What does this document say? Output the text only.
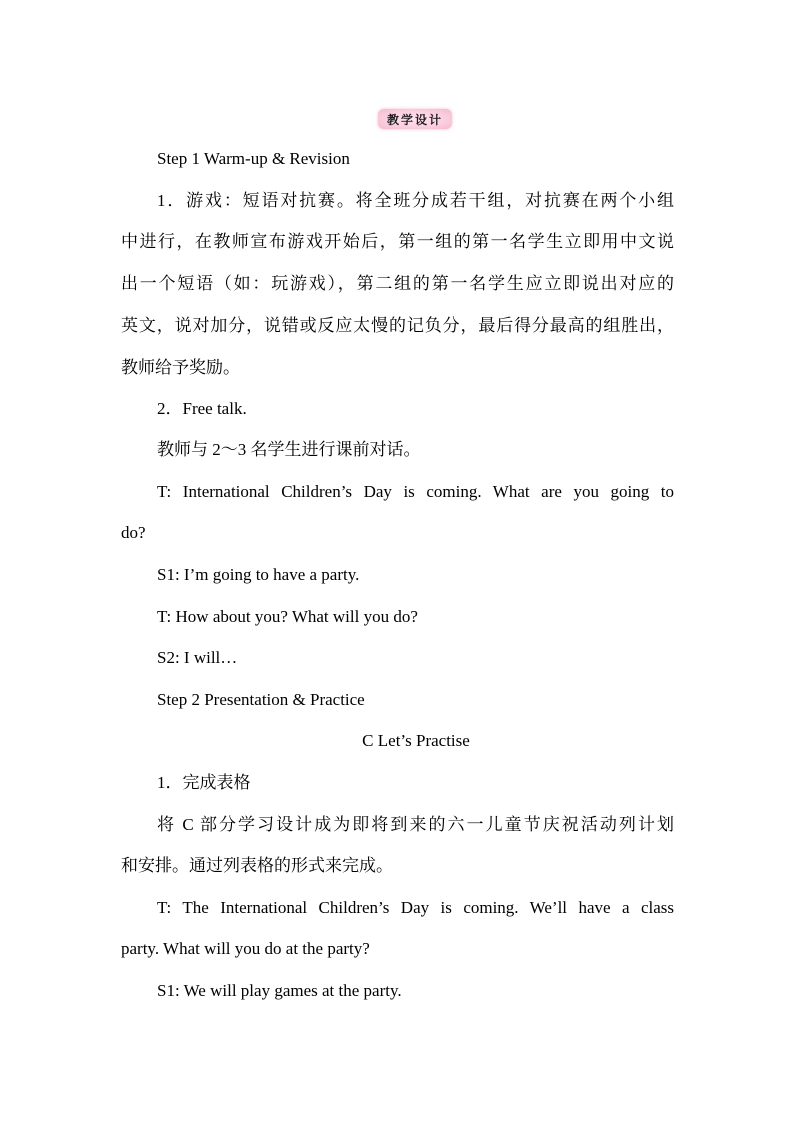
教学设计
Step 1 Warm-up & Revision
1．游戏：短语对抗赛。将全班分成若干组，对抗赛在两个小组
中进行，在教师宣布游戏开始后，第一组的第一名学生立即用中文说
出一个短语（如：玩游戏），第二组的第一名学生应立即说出对应的
英文，说对加分，说错或反应太慢的记负分，最后得分最高的组胜出，
教师给予奖励。
2．Free talk.
教师与 2～3 名学生进行课前对话。
T: International Children’s Day is coming. What are you going to
do?
S1: I’m going to have a party.
T: How about you? What will you do?
S2: I will…
Step 2 Presentation & Practice
C Let’s Practise
1．完成表格
将 C 部分学习设计成为即将到来的六一儿童节庆祝活动列计划
和安排。通过列表格的形式来完成。
T: The International Children’s Day is coming. We’ll have a class
party. What will you do at the party?
S1: We will play games at the party.
